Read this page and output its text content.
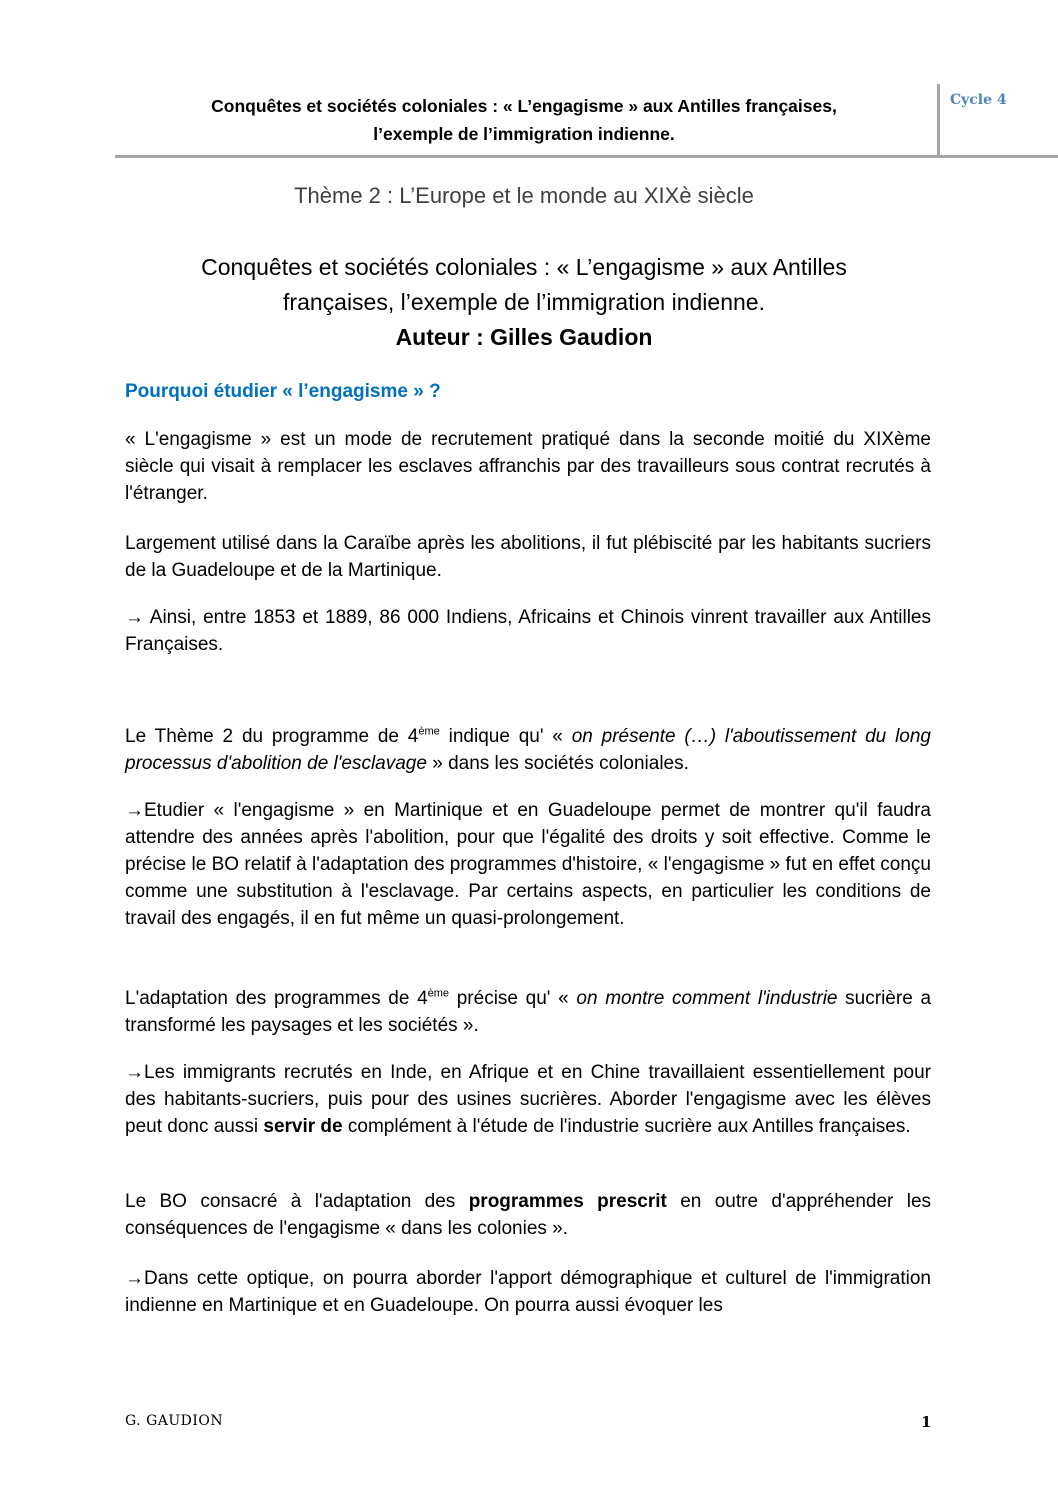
Conquêtes et sociétés coloniales : « L’engagisme » aux Antilles françaises,
l’exemple de l’immigration indienne.
Cycle 4
Thème 2 : L’Europe et le monde au XIXè siècle
Conquêtes et sociétés coloniales : « L’engagisme » aux Antilles
françaises, l’exemple de l’immigration indienne.
Auteur : Gilles Gaudion
Pourquoi étudier « l’engagisme » ?
« L'engagisme » est un mode de recrutement pratiqué dans la seconde moitié du XIXème siècle qui visait à remplacer les esclaves affranchis par des travailleurs sous contrat recrutés à l'étranger.
Largement utilisé dans la Caraïbe après les abolitions, il fut plébiscité par les habitants sucriers de la Guadeloupe et de la Martinique.
→ Ainsi, entre 1853 et 1889, 86 000 Indiens, Africains et Chinois vinrent travailler aux Antilles Françaises.
Le Thème 2 du programme de 4ème indique qu' « on présente (…) l'aboutissement du long processus d'abolition de l'esclavage » dans les sociétés coloniales.
→Etudier « l'engagisme » en Martinique et en Guadeloupe permet de montrer qu'il faudra attendre des années après l'abolition, pour que l'égalité des droits y soit effective. Comme le précise le BO relatif à l'adaptation des programmes d'histoire, « l'engagisme » fut en effet conçu comme une substitution à l'esclavage. Par certains aspects, en particulier les conditions de travail des engagés, il en fut même un quasi-prolongement.
L'adaptation des programmes de 4ème précise qu' « on montre comment l'industrie sucrière a transformé les paysages et les sociétés ».
→Les immigrants recrutés en Inde, en Afrique et en Chine travaillaient essentiellement pour des habitants-sucriers, puis pour des usines sucrières. Aborder l'engagisme avec les élèves peut donc aussi servir de complément à l'étude de l'industrie sucrière aux Antilles françaises.
Le BO consacré à l'adaptation des programmes prescrit en outre d'appréhender les conséquences de l'engagisme « dans les colonies ».
→Dans cette optique, on pourra aborder l'apport démographique et culturel de l'immigration indienne en Martinique et en Guadeloupe. On pourra aussi évoquer les
G. GAUDION	1
